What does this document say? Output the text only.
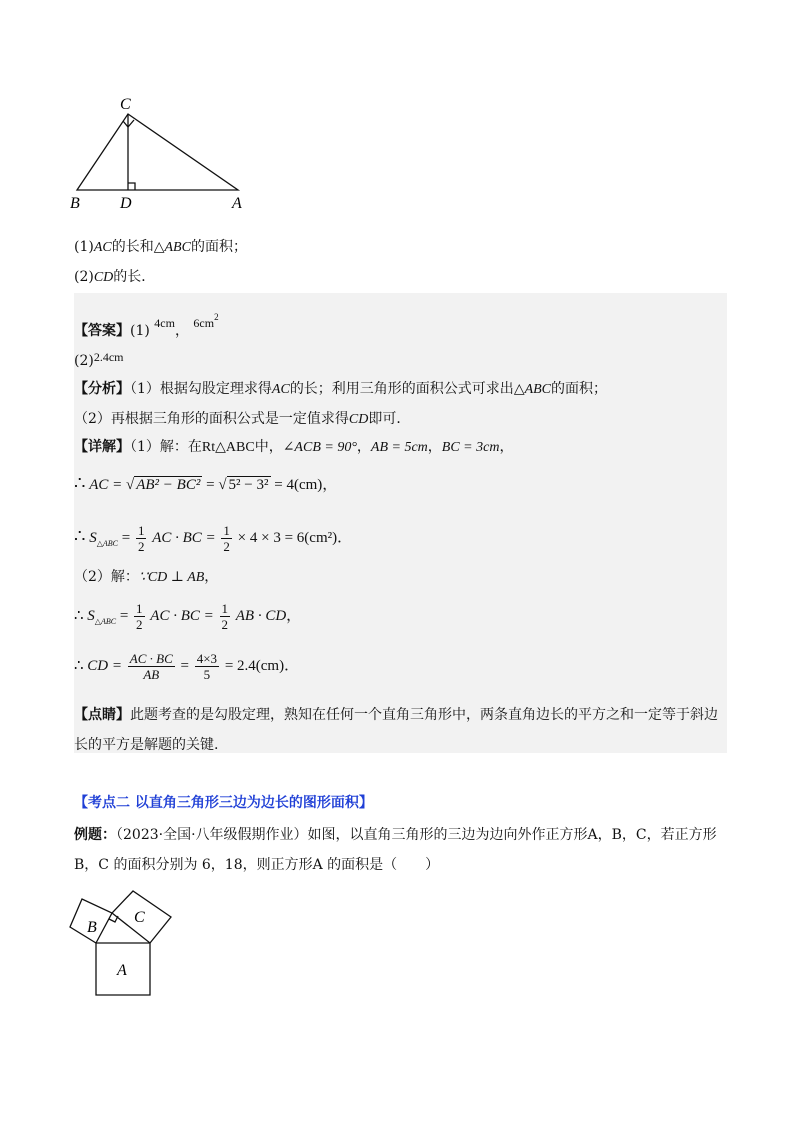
C
B	D	A
(1)AC的长和△ABC的面积；
(2)CD的长．
【答案】(1) 4cm， $6cm^2$
(2)2.4cm
【分析】（1）根据勾股定理求得AC的长；利用三角形的面积公式可求出△ABC的面积；
（2）再根据三角形的面积公式是一定值求得CD即可．
【详解】（1）解：在Rt△ABC中，∠ACB = 90°，AB = 5cm，BC = 3cm，
∴ AC = √ AB² − BC² = √ 5² − 3² = 4(cm)，
∴ $S_{\triangle ABC} = \frac{1}{2}$ AC · BC = $\frac{1}{2} \times 4 \times 3 = 6(cm^2)$．
（2）解：∵CD ⊥ AB，
∴ $S_{\triangle ABC} = \frac{1}{2}$ AC · BC = $\frac{1}{2}$ AB · CD，
∴ CD = $\frac{AC \cdot BC}{AB} = \frac{4\times 3}{5} = 2.4(cm)$．
【点睛】此题考查的是勾股定理，熟知在任何一个直角三角形中，两条直角边长的平方之和一定等于斜边
长的平方是解题的关键.
【考点二 以直角三角形三边为边长的图形面积】
例题：（2023·全国·八年级假期作业）如图，以直角三角形的三边为边向外作正方形A，B，C，若正方形
B，C 的面积分别为 6，18，则正方形A 的面积是（　　）
A
B
C
